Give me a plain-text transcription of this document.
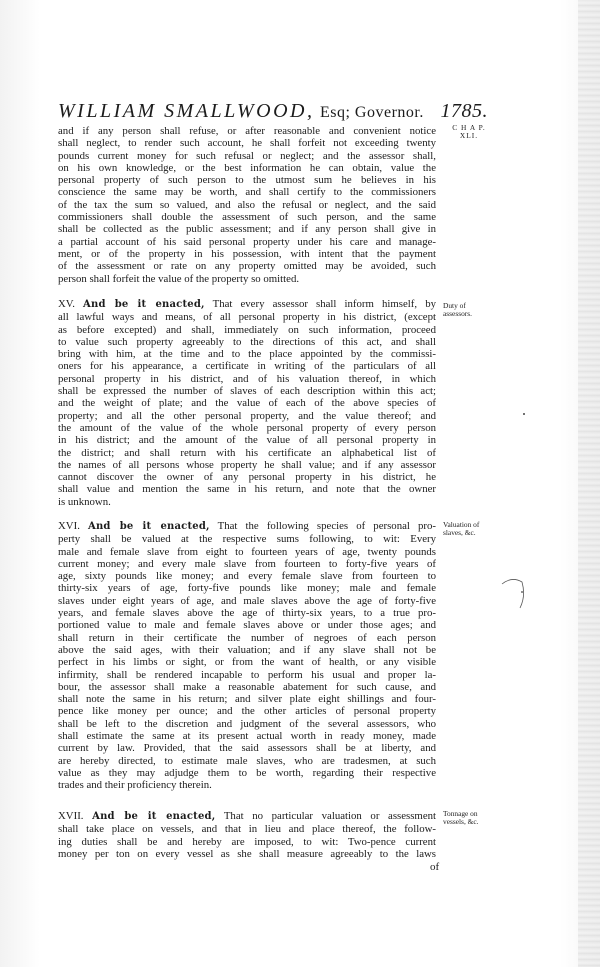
WILLIAM SMALLWOOD, Esq; Governor. 1785.
and if any person shall refuse, or after reasonable and convenient notice
shall neglect, to render such account, he shall forfeit not exceeding twenty
pounds current money for such refusal or neglect; and the assessor shall,
on his own knowledge, or the best information he can obtain, value the
personal property of such person to the utmost sum he believes in his
conscience the same may be worth, and shall certify to the commissioners
of the tax the sum so valued, and also the refusal or neglect, and the said
commissioners shall double the assessment of such person, and the same
shall be collected as the public assessment; and if any person shall give in
a partial account of his said personal property under his care and manage-
ment, or of the property in his possession, with intent that the payment
of the assessment or rate on any property omitted may be avoided, such
person shall forfeit the value of the property so omitted.
XV. And be it enacted, That every assessor shall inform himself, by
all lawful ways and means, of all personal property in his district, (except
as before excepted) and shall, immediately on such information, proceed
to value such property agreeably to the directions of this act, and shall
bring with him, at the time and to the place appointed by the commissi-
oners for his appearance, a certificate in writing of the particulars of all
personal property in his district, and of his valuation thereof, in which
shall be expressed the number of slaves of each description within this act;
and the weight of plate; and the value of each of the above species of
property; and all the other personal property, and the value thereof; and
the amount of the value of the whole personal property of every person
in his district; and the amount of the value of all personal property in
the district; and shall return with his certificate an alphabetical list of
the names of all persons whose property he shall value; and if any assessor
cannot discover the owner of any personal property in his district, he
shall value and mention the same in his return, and note that the owner
is unknown.
XVI. And be it enacted, That the following species of personal pro-
perty shall be valued at the respective sums following, to wit: Every
male and female slave from eight to fourteen years of age, twenty pounds
current money; and every male slave from fourteen to forty-five years of
age, sixty pounds like money; and every female slave from fourteen to
thirty-six years of age, forty-five pounds like money; male and female
slaves under eight years of age, and male slaves above the age of forty-five
years, and female slaves above the age of thirty-six years, to a true pro-
portioned value to male and female slaves above or under those ages; and
shall return in their certificate the number of negroes of each person
above the said ages, with their valuation; and if any slave shall not be
perfect in his limbs or sight, or from the want of health, or any visible
infirmity, shall be rendered incapable to perform his usual and proper la-
bour, the assessor shall make a reasonable abatement for such cause, and
shall note the same in his return; and silver plate eight shillings and four-
pence like money per ounce; and the other articles of personal property
shall be left to the discretion and judgment of the several assessors, who
shall estimate the same at its present actual worth in ready money, made
current by law. Provided, that the said assessors shall be at liberty, and
are hereby directed, to estimate male slaves, who are tradesmen, at such
value as they may adjudge them to be worth, regarding their respective
trades and their proficiency therein.
XVII. And be it enacted, That no particular valuation or assessment
shall take place on vessels, and that in lieu and place thereof, the follow-
ing duties shall be and hereby are imposed, to wit: Two-pence current
money per ton on every vessel as she shall measure agreeably to the laws
of
C H A P.
XLI.
Duty of assessors.
Valuation of slaves, &c.
Tonnage on vessels, &c.
